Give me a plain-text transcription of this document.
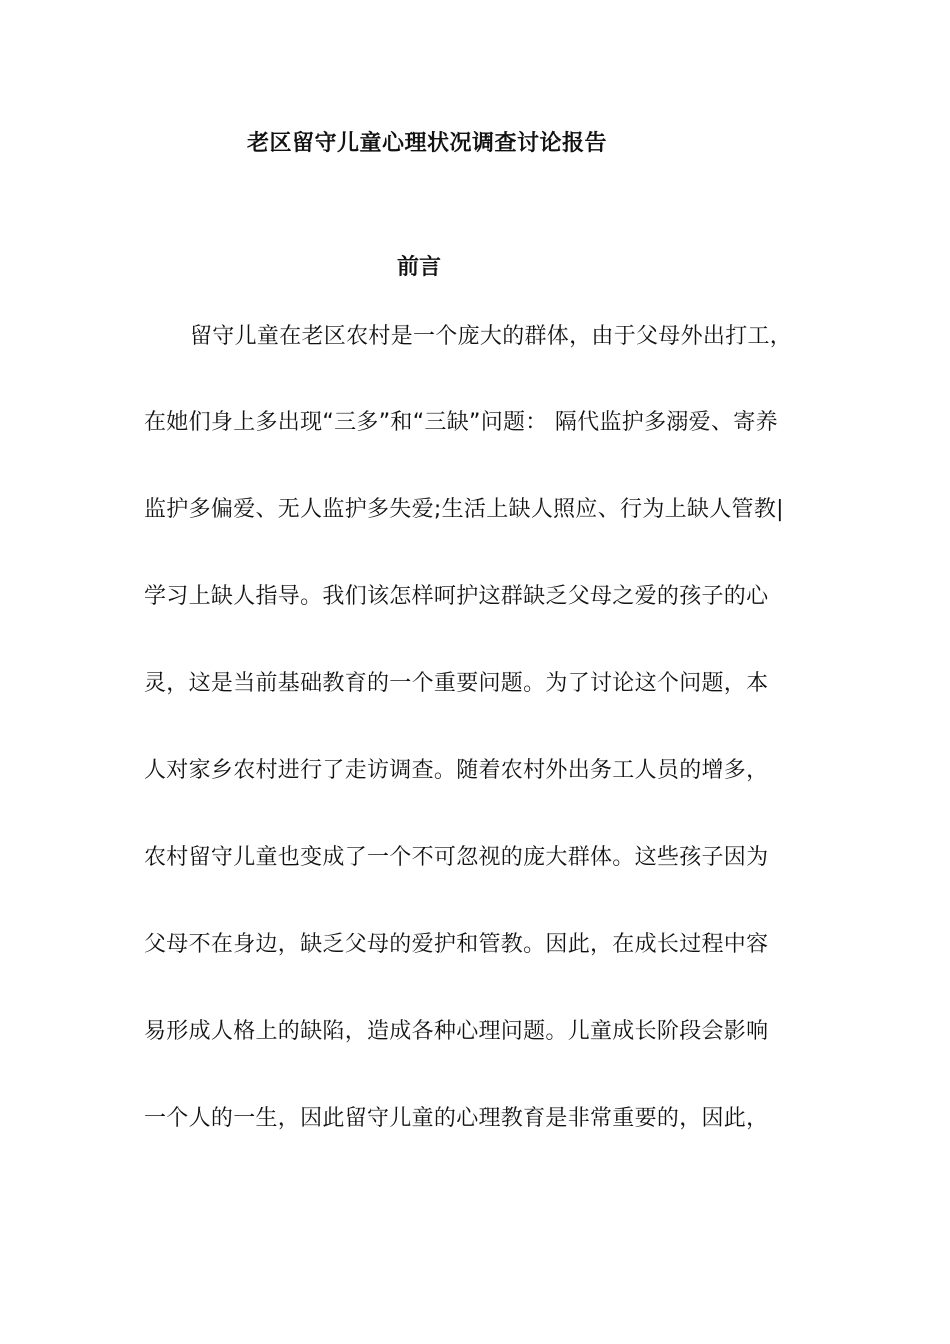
老区留守儿童心理状况调查讨论报告
前言

留守儿童在老区农村是一个庞大的群体，由于父母外出打工，

在她们身上多出现“三多”和“三缺”问题： 隔代监护多溺爱、寄养

监护多偏爱、无人监护多失爱;生活上缺人照应、行为上缺人管教|

学习上缺人指导。我们该怎样呵护这群缺乏父母之爱的孩子的心

灵，这是当前基础教育的一个重要问题。为了讨论这个问题，本

人对家乡农村进行了走访调查。随着农村外出务工人员的增多，

农村留守儿童也变成了一个不可忽视的庞大群体。这些孩子因为

父母不在身边，缺乏父母的爱护和管教。因此，在成长过程中容

易形成人格上的缺陷，造成各种心理问题。儿童成长阶段会影响

一个人的一生，因此留守儿童的心理教育是非常重要的，因此，
